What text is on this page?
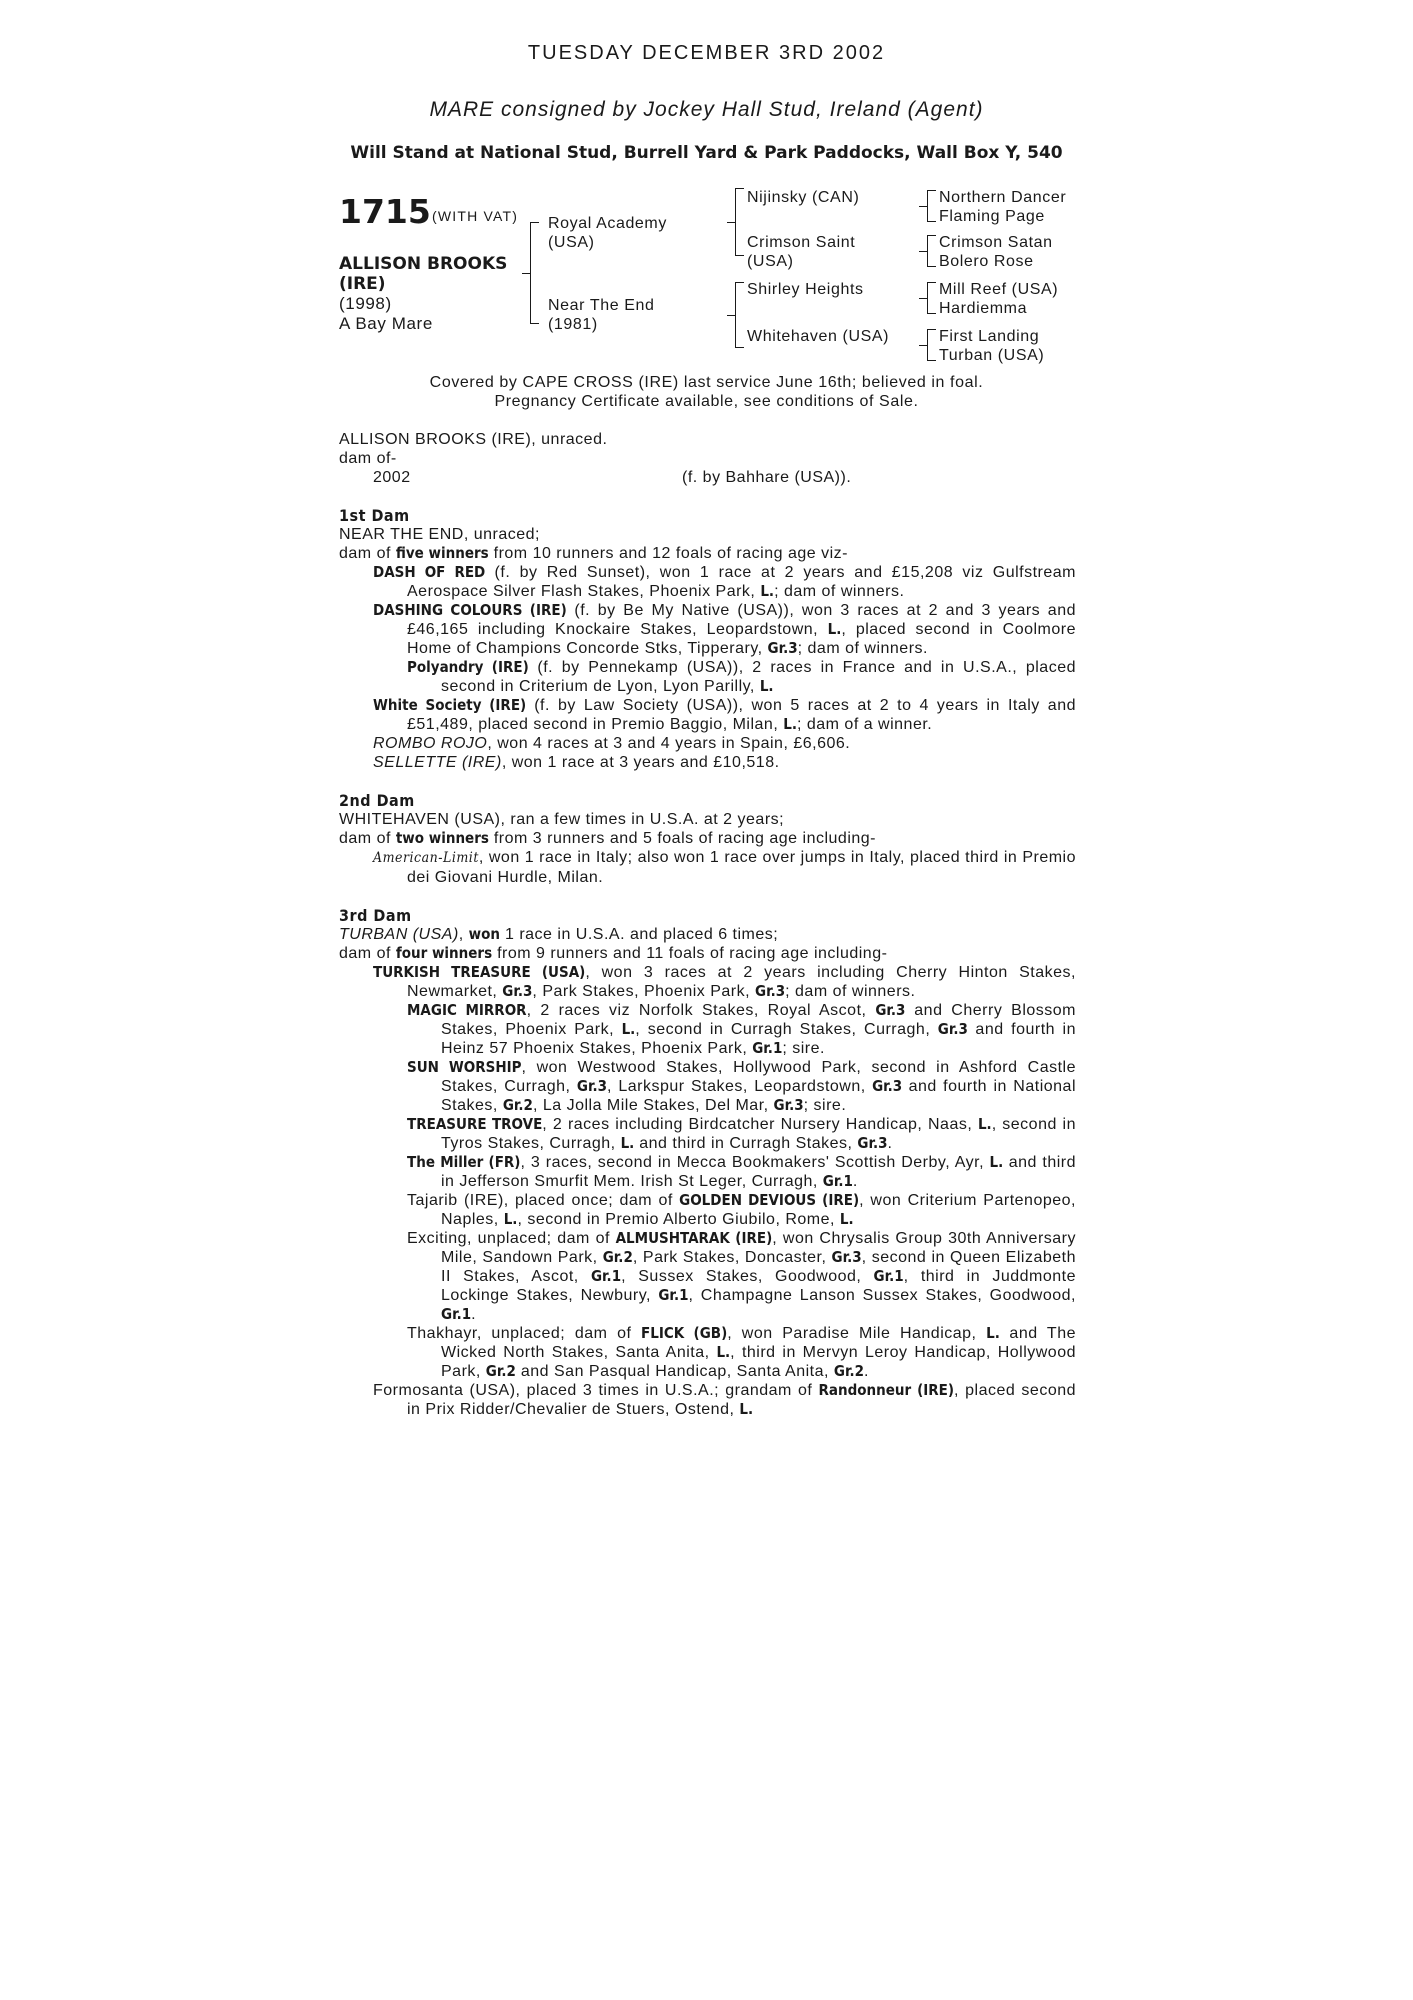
TUESDAY DECEMBER 3RD 2002
MARE consigned by Jockey Hall Stud, Ireland (Agent)
Will Stand at National Stud, Burrell Yard & Park Paddocks, Wall Box Y, 540
1715 (WITH VAT)
ALLISON BROOKS
(IRE)
(1998)
A Bay Mare
Royal Academy
(USA)
Near The End
(1981)
Nijinsky (CAN)
Crimson Saint
(USA)
Shirley Heights
Whitehaven (USA)
Northern Dancer
Flaming Page
Crimson Satan
Bolero Rose
Mill Reef (USA)
Hardiemma
First Landing
Turban (USA)
Covered by CAPE CROSS (IRE) last service June 16th; believed in foal.
Pregnancy Certificate available, see conditions of Sale.
ALLISON BROOKS (IRE), unraced.
dam of-
2002	(f. by Bahhare (USA)).
1st Dam
NEAR THE END, unraced;
dam of five winners from 10 runners and 12 foals of racing age viz-
DASH OF RED (f. by Red Sunset), won 1 race at 2 years and £15,208 viz Gulfstream Aerospace Silver Flash Stakes, Phoenix Park, L.; dam of winners.
DASHING COLOURS (IRE) (f. by Be My Native (USA)), won 3 races at 2 and 3 years and £46,165 including Knockaire Stakes, Leopardstown, L., placed second in Coolmore Home of Champions Concorde Stks, Tipperary, Gr.3; dam of winners.
Polyandry (IRE) (f. by Pennekamp (USA)), 2 races in France and in U.S.A., placed second in Criterium de Lyon, Lyon Parilly, L.
White Society (IRE) (f. by Law Society (USA)), won 5 races at 2 to 4 years in Italy and £51,489, placed second in Premio Baggio, Milan, L.; dam of a winner.
ROMBO ROJO, won 4 races at 3 and 4 years in Spain, £6,606.
SELLETTE (IRE), won 1 race at 3 years and £10,518.
2nd Dam
WHITEHAVEN (USA), ran a few times in U.S.A. at 2 years;
dam of two winners from 3 runners and 5 foals of racing age including-
American-Limit, won 1 race in Italy; also won 1 race over jumps in Italy, placed third in Premio dei Giovani Hurdle, Milan.
3rd Dam
TURBAN (USA), won 1 race in U.S.A. and placed 6 times;
dam of four winners from 9 runners and 11 foals of racing age including-
TURKISH TREASURE (USA), won 3 races at 2 years including Cherry Hinton Stakes, Newmarket, Gr.3, Park Stakes, Phoenix Park, Gr.3; dam of winners.
MAGIC MIRROR, 2 races viz Norfolk Stakes, Royal Ascot, Gr.3 and Cherry Blossom Stakes, Phoenix Park, L., second in Curragh Stakes, Curragh, Gr.3 and fourth in Heinz 57 Phoenix Stakes, Phoenix Park, Gr.1; sire.
SUN WORSHIP, won Westwood Stakes, Hollywood Park, second in Ashford Castle Stakes, Curragh, Gr.3, Larkspur Stakes, Leopardstown, Gr.3 and fourth in National Stakes, Gr.2, La Jolla Mile Stakes, Del Mar, Gr.3; sire.
TREASURE TROVE, 2 races including Birdcatcher Nursery Handicap, Naas, L., second in Tyros Stakes, Curragh, L. and third in Curragh Stakes, Gr.3.
The Miller (FR), 3 races, second in Mecca Bookmakers' Scottish Derby, Ayr, L. and third in Jefferson Smurfit Mem. Irish St Leger, Curragh, Gr.1.
Tajarib (IRE), placed once; dam of GOLDEN DEVIOUS (IRE), won Criterium Partenopeo, Naples, L., second in Premio Alberto Giubilo, Rome, L.
Exciting, unplaced; dam of ALMUSHTARAK (IRE), won Chrysalis Group 30th Anniversary Mile, Sandown Park, Gr.2, Park Stakes, Doncaster, Gr.3, second in Queen Elizabeth II Stakes, Ascot, Gr.1, Sussex Stakes, Goodwood, Gr.1, third in Juddmonte Lockinge Stakes, Newbury, Gr.1, Champagne Lanson Sussex Stakes, Goodwood, Gr.1.
Thakhayr, unplaced; dam of FLICK (GB), won Paradise Mile Handicap, L. and The Wicked North Stakes, Santa Anita, L., third in Mervyn Leroy Handicap, Hollywood Park, Gr.2 and San Pasqual Handicap, Santa Anita, Gr.2.
Formosanta (USA), placed 3 times in U.S.A.; grandam of Randonneur (IRE), placed second in Prix Ridder/Chevalier de Stuers, Ostend, L.
